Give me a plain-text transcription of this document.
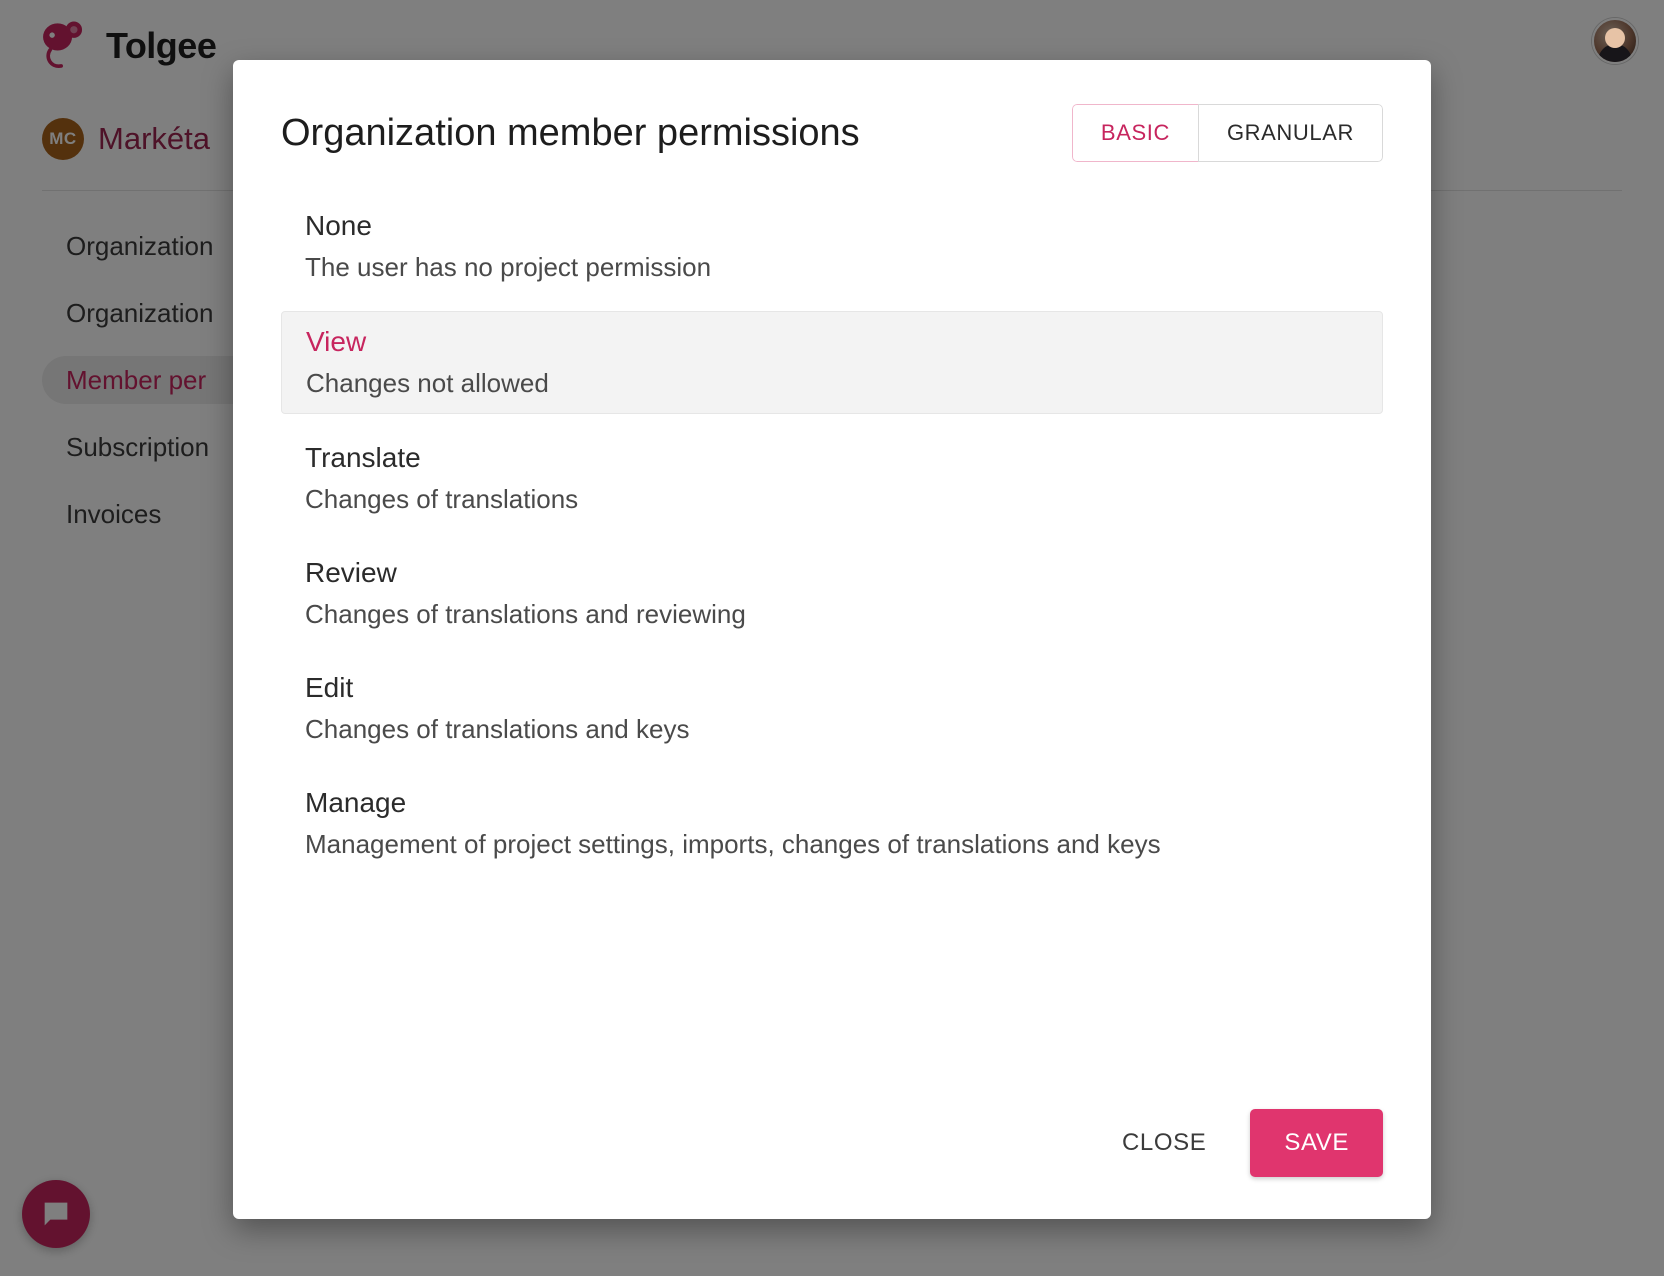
Organization member permissions	BASIC	GRANULAR
None
The user has no project permission
View
Changes not allowed
Translate
Changes of translations
Review
Changes of translations and reviewing
Edit
Changes of translations and keys
Manage
Management of project settings, imports, changes of translations and keys
CLOSE	SAVE
